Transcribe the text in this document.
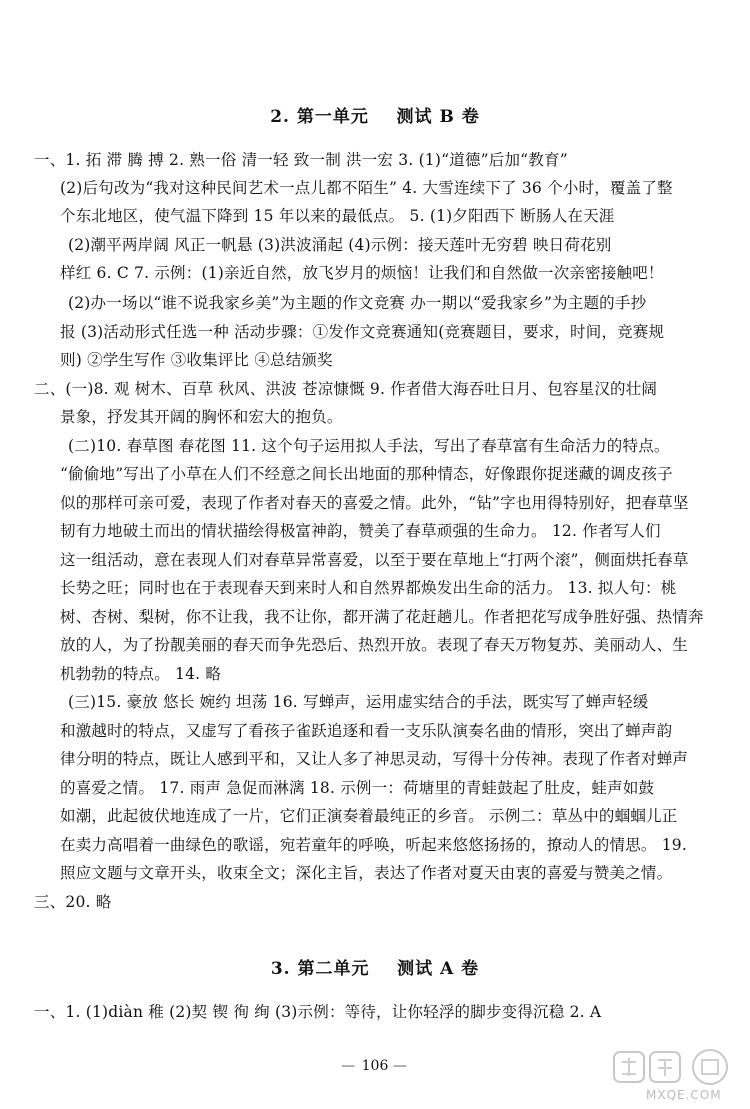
2. 第一单元    测试 B 卷
一、1. 拓 滞 腾 搏 2. 熟一俗 清一轻 致一制 洪一宏 3. (1)“道德”后加“教育”
(2)后句改为“我对这种民间艺术一点儿都不陌生” 4. 大雪连续下了 36 个小时，覆盖了整
个东北地区，使气温下降到 15 年以来的最低点。 5. (1)夕阳西下 断肠人在天涯
(2)潮平两岸阔 风正一帆悬 (3)洪波涌起 (4)示例：接天莲叶无穷碧 映日荷花别
样红 6. C 7. 示例：(1)亲近自然，放飞岁月的烦恼！让我们和自然做一次亲密接触吧！
(2)办一场以“谁不说我家乡美”为主题的作文竞赛 办一期以“爱我家乡”为主题的手抄
报 (3)活动形式任选一种 活动步骤：①发作文竞赛通知(竞赛题目，要求，时间，竞赛规
则) ②学生写作 ③收集评比 ④总结颁奖
二、(一)8. 观 树木、百草 秋风、洪波 苍凉慷慨 9. 作者借大海吞吐日月、包容星汉的壮阔
景象，抒发其开阔的胸怀和宏大的抱负。
(二)10. 春草图 春花图 11. 这个句子运用拟人手法，写出了春草富有生命活力的特点。
“偷偷地”写出了小草在人们不经意之间长出地面的那种情态，好像跟你捉迷藏的调皮孩子
似的那样可亲可爱，表现了作者对春天的喜爱之情。此外，“钻”字也用得特别好，把春草坚
韧有力地破土而出的情状描绘得极富神韵，赞美了春草顽强的生命力。 12. 作者写人们
这一组活动，意在表现人们对春草异常喜爱，以至于要在草地上“打两个滚”，侧面烘托春草
长势之旺；同时也在于表现春天到来时人和自然界都焕发出生命的活力。 13. 拟人句：桃
树、杏树、梨树，你不让我，我不让你，都开满了花赶趟儿。作者把花写成争胜好强、热情奔
放的人，为了扮靓美丽的春天而争先恐后、热烈开放。表现了春天万物复苏、美丽动人、生
机勃勃的特点。 14. 略
(三)15. 豪放 悠长 婉约 坦荡 16. 写蝉声，运用虚实结合的手法，既实写了蝉声轻缓
和激越时的特点，又虚写了看孩子雀跃追逐和看一支乐队演奏名曲的情形，突出了蝉声韵
律分明的特点，既让人感到平和，又让人多了神思灵动，写得十分传神。表现了作者对蝉声
的喜爱之情。 17. 雨声 急促而淋漓 18. 示例一：荷塘里的青蛙鼓起了肚皮，蛙声如鼓
如潮，此起彼伏地连成了一片，它们正演奏着最纯正的乡音。 示例二：草丛中的蝈蝈儿正
在卖力高唱着一曲绿色的歌谣，宛若童年的呼唤，听起来悠悠扬扬的，撩动人的情思。 19.
照应文题与文章开头，收束全文；深化主旨，表达了作者对夏天由衷的喜爱与赞美之情。
三、20. 略
3. 第二单元    测试 A 卷
一、1. (1)diàn 稚 (2)契 锲 徇 绚 (3)示例：等待，让你轻浮的脚步变得沉稳 2. A
— 106 —
MXQE.COM
